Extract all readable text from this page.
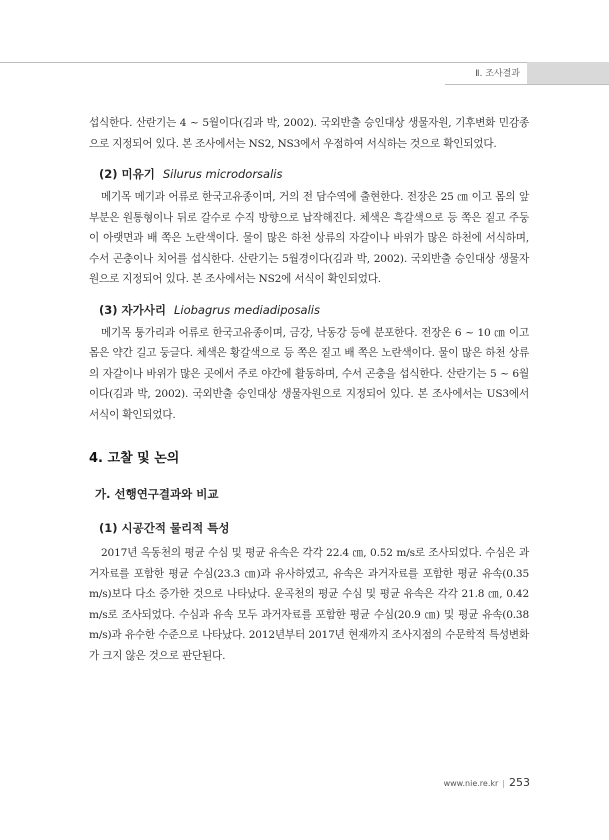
Ⅱ. 조사결과

섭식한다. 산란기는 4 ~ 5월이다(김과 박, 2002). 국외반출 승인대상 생물자원, 기후변화 민감종으로 지정되어 있다. 본 조사에서는 NS2, NS3에서 우점하여 서식하는 것으로 확인되었다.

(2) 미유기 Silurus microdorsalis

메기목 메기과 어류로 한국고유종이며, 거의 전 담수역에 출현한다. 전장은 25 ㎝ 이고 몸의 앞부분은 원통형이나 뒤로 갈수로 수직 방향으로 납작해진다. 체색은 흑갈색으로 등 쪽은 짙고 주둥이 아랫면과 배 쪽은 노란색이다. 물이 많은 하천 상류의 자갈이나 바위가 많은 하천에 서식하며, 수서 곤충이나 치어를 섭식한다. 산란기는 5월경이다(김과 박, 2002). 국외반출 승인대상 생물자원으로 지정되어 있다. 본 조사에서는 NS2에 서식이 확인되었다.

(3) 자가사리 Liobagrus mediadiposalis

메기목 퉁가리과 어류로 한국고유종이며, 금강, 낙동강 등에 분포한다. 전장은 6 ~ 10 ㎝ 이고 몸은 약간 길고 둥글다. 체색은 황갈색으로 등 쪽은 짙고 배 쪽은 노란색이다. 물이 많은 하천 상류의 자갈이나 바위가 많은 곳에서 주로 야간에 활동하며, 수서 곤충을 섭식한다. 산란기는 5 ~ 6월이다(김과 박, 2002). 국외반출 승인대상 생물자원으로 지정되어 있다. 본 조사에서는 US3에서 서식이 확인되었다.

4. 고찰 및 논의
가. 선행연구결과와 비교
(1) 시공간적 물리적 특성

2017년 옥동천의 평균 수심 및 평균 유속은 각각 22.4 ㎝, 0.52 m/s로 조사되었다. 수심은 과거자료를 포함한 평균 수심(23.3 ㎝)과 유사하였고, 유속은 과거자료를 포함한 평균 유속(0.35 m/s)보다 다소 증가한 것으로 나타났다. 운곡천의 평균 수심 및 평균 유속은 각각 21.8 ㎝, 0.42 m/s로 조사되었다. 수심과 유속 모두 과거자료를 포함한 평균 수심(20.9 ㎝) 및 평균 유속(0.38 m/s)과 유수한 수준으로 나타났다. 2012년부터 2017년 현재까지 조사지점의 수문학적 특성변화가 크지 않은 것으로 판단된다.

www.nie.re.kr | 253
